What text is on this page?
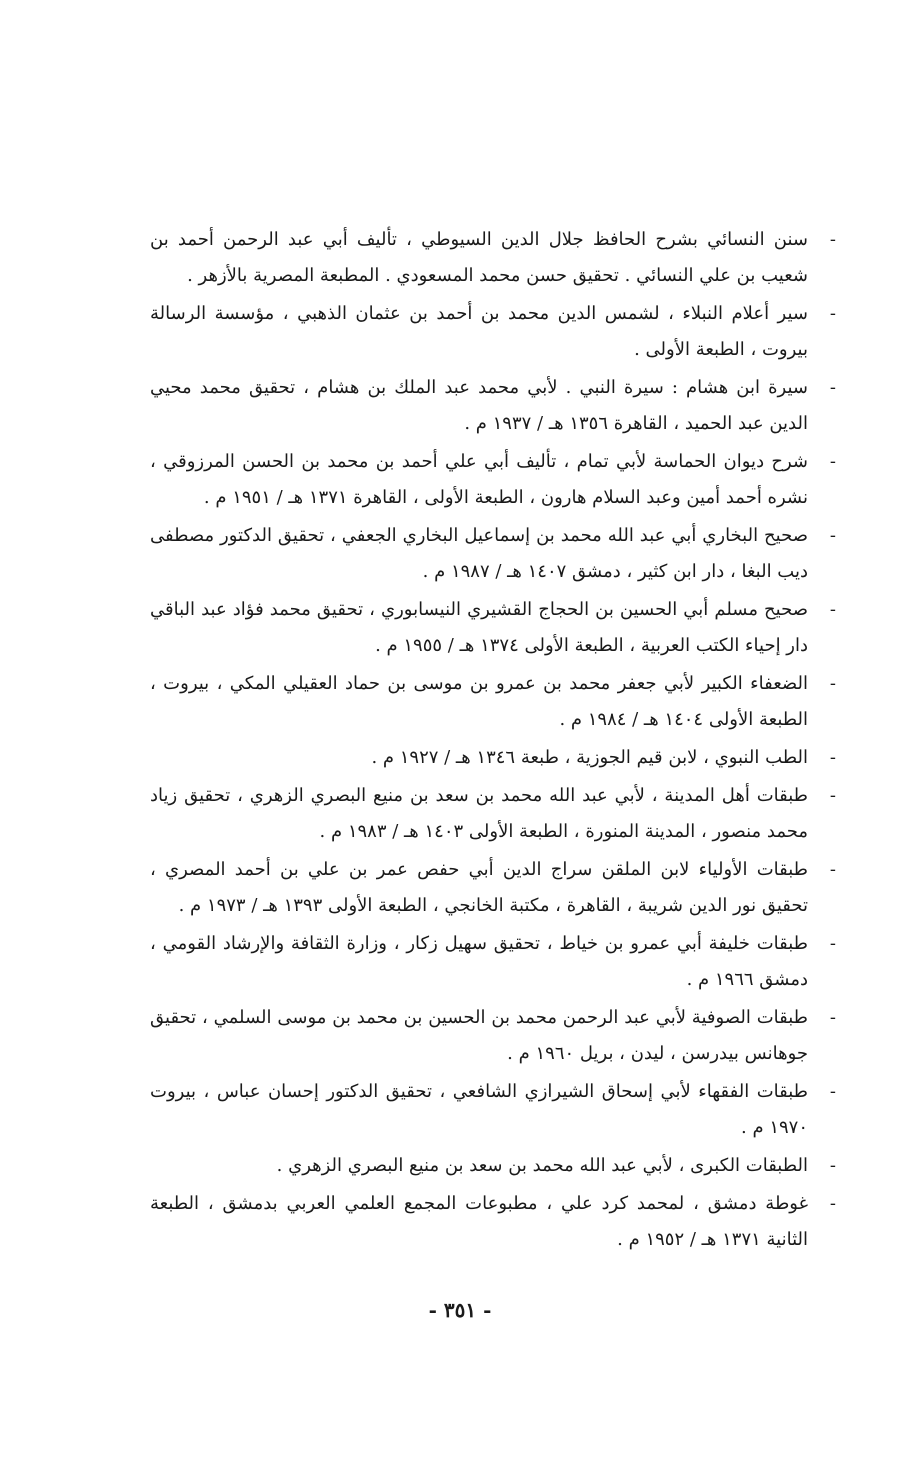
-
سنن النسائي بشرح الحافظ جلال الدين السيوطي ، تأليف أبي عبد الرحمن أحمد بن شعيب بن علي النسائي . تحقيق حسن محمد المسعودي . المطبعة المصرية بالأزهر .
-
سير أعلام النبلاء ، لشمس الدين محمد بن أحمد بن عثمان الذهبي ، مؤسسة الرسالة بيروت ، الطبعة الأولى .
-
سيرة ابن هشام : سيرة النبي . لأبي محمد عبد الملك بن هشام ، تحقيق محمد محيي الدين عبد الحميد ، القاهرة ١٣٥٦ هـ / ١٩٣٧ م .
-
شرح ديوان الحماسة لأبي تمام ، تأليف أبي علي أحمد بن محمد بن الحسن المرزوقي ، نشره أحمد أمين وعبد السلام هارون ، الطبعة الأولى ، القاهرة ١٣٧١ هـ / ١٩٥١ م .
-
صحيح البخاري أبي عبد الله محمد بن إسماعيل البخاري الجعفي ، تحقيق الدكتور مصطفى ديب البغا ، دار ابن كثير ، دمشق ١٤٠٧ هـ / ١٩٨٧ م .
-
صحيح مسلم أبي الحسين بن الحجاج القشيري النيسابوري ، تحقيق محمد فؤاد عبد الباقي دار إحياء الكتب العربية ، الطبعة الأولى ١٣٧٤ هـ / ١٩٥٥ م .
-
الضعفاء الكبير لأبي جعفر محمد بن عمرو بن موسى بن حماد العقيلي المكي ، بيروت ، الطبعة الأولى ١٤٠٤ هـ / ١٩٨٤ م .
-
الطب النبوي ، لابن قيم الجوزية ، طبعة ١٣٤٦ هـ / ١٩٢٧ م .
-
طبقات أهل المدينة ، لأبي عبد الله محمد بن سعد بن منيع البصري الزهري ، تحقيق زياد محمد منصور ، المدينة المنورة ، الطبعة الأولى ١٤٠٣ هـ / ١٩٨٣ م .
-
طبقات الأولياء لابن الملقن سراج الدين أبي حفص عمر بن علي بن أحمد المصري ، تحقيق نور الدين شريبة ، القاهرة ، مكتبة الخانجي ، الطبعة الأولى ١٣٩٣ هـ / ١٩٧٣ م .
-
طبقات خليفة أبي عمرو بن خياط ، تحقيق سهيل زكار ، وزارة الثقافة والإرشاد القومي ، دمشق ١٩٦٦ م .
-
طبقات الصوفية لأبي عبد الرحمن محمد بن الحسين بن محمد بن موسى السلمي ، تحقيق جوهانس بيدرسن ، ليدن ، بريل ١٩٦٠ م .
-
طبقات الفقهاء لأبي إسحاق الشيرازي الشافعي ، تحقيق الدكتور إحسان عباس ، بيروت ١٩٧٠ م .
-
الطبقات الكبرى ، لأبي عبد الله محمد بن سعد بن منيع البصري الزهري .
-
غوطة دمشق ، لمحمد كرد علي ، مطبوعات المجمع العلمي العربي بدمشق ، الطبعة الثانية ١٣٧١ هـ / ١٩٥٢ م .
- ٣٥١ -
